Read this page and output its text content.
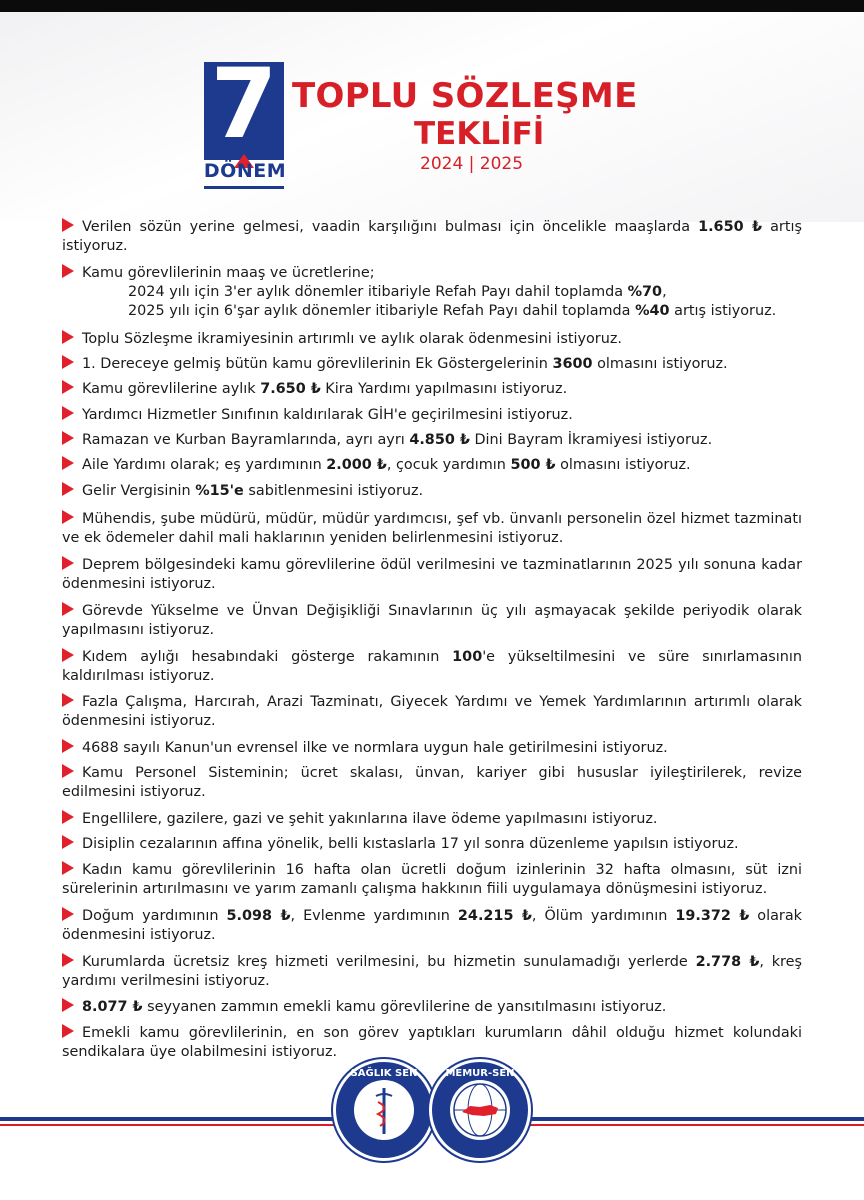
7
DÖNEM
TOPLU SÖZLEŞME
TEKLİFİ
2024 | 2025
Verilen sözün yerine gelmesi, vaadin karşılığını bulması için öncelikle maaşlarda 1.650 ₺ artış istiyoruz.
Kamu görevlilerinin maaş ve ücretlerine;
2024 yılı için 3'er aylık dönemler itibariyle Refah Payı dahil toplamda %70,
2025 yılı için 6'şar aylık dönemler itibariyle Refah Payı dahil toplamda %40 artış istiyoruz.
Toplu Sözleşme ikramiyesinin artırımlı ve aylık olarak ödenmesini istiyoruz.
1. Dereceye gelmiş bütün kamu görevlilerinin Ek Göstergelerinin 3600 olmasını istiyoruz.
Kamu görevlilerine aylık 7.650 ₺ Kira Yardımı yapılmasını istiyoruz.
Yardımcı Hizmetler Sınıfının kaldırılarak GİH'e geçirilmesini istiyoruz.
Ramazan ve Kurban Bayramlarında, ayrı ayrı 4.850 ₺ Dini Bayram İkramiyesi istiyoruz.
Aile Yardımı olarak; eş yardımının 2.000 ₺, çocuk yardımın 500 ₺ olmasını istiyoruz.
Gelir Vergisinin %15'e sabitlenmesini istiyoruz.
Mühendis, şube müdürü, müdür, müdür yardımcısı, şef vb. ünvanlı personelin özel hizmet tazminatı ve ek ödemeler dahil mali haklarının yeniden belirlenmesini istiyoruz.
Deprem bölgesindeki kamu görevlilerine ödül verilmesini ve tazminatlarının 2025 yılı sonuna kadar ödenmesini istiyoruz.
Görevde Yükselme ve Ünvan Değişikliği Sınavlarının üç yılı aşmayacak şekilde periyodik olarak yapılmasını istiyoruz.
Kıdem aylığı hesabındaki gösterge rakamının 100'e yükseltilmesini ve süre sınırlamasının kaldırılması istiyoruz.
Fazla Çalışma, Harcırah, Arazi Tazminatı, Giyecek Yardımı ve Yemek Yardımlarının artırımlı olarak ödenmesini istiyoruz.
4688 sayılı Kanun'un evrensel ilke ve normlara uygun hale getirilmesini istiyoruz.
Kamu Personel Sisteminin; ücret skalası, ünvan, kariyer gibi hususlar iyileştirilerek, revize edilmesini istiyoruz.
Engellilere, gazilere, gazi ve şehit yakınlarına ilave ödeme yapılmasını istiyoruz.
Disiplin cezalarının affına yönelik, belli kıstaslarla 17 yıl sonra düzenleme yapılsın istiyoruz.
Kadın kamu görevlilerinin 16 hafta olan ücretli doğum izinlerinin 32 hafta olmasını, süt izni sürelerinin artırılmasını ve yarım zamanlı çalışma hakkının fiili uygulamaya dönüşmesini istiyoruz.
Doğum yardımının 5.098 ₺, Evlenme yardımının 24.215 ₺, Ölüm yardımının 19.372 ₺ olarak ödenmesini istiyoruz.
Kurumlarda ücretsiz kreş hizmeti verilmesini, bu hizmetin sunulamadığı yerlerde 2.778 ₺, kreş yardımı verilmesini istiyoruz.
8.077 ₺ seyyanen zammın emekli kamu görevlilerine de yansıtılmasını istiyoruz.
Emekli kamu görevlilerinin, en son görev yaptıkları kurumların dâhil olduğu hizmet kolundaki sendikalara üye olabilmesini istiyoruz.
SAĞLIK SEN	MEMUR-SEN
